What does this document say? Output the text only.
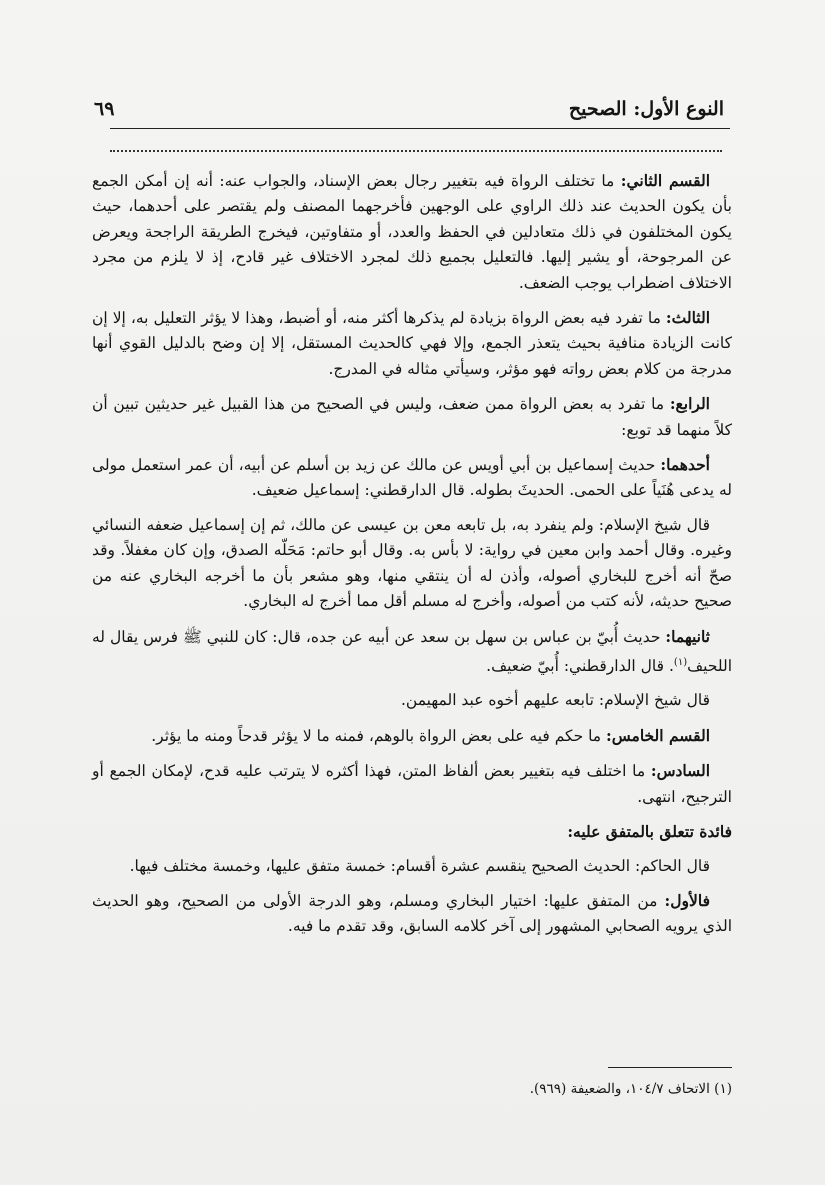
النوع الأول: الصحيح
٦٩

القسم الثاني: ما تختلف الرواة فيه بتغيير رجال بعض الإسناد، والجواب عنه: أنه إن أمكن الجمع بأن يكون الحديث عند ذلك الراوي على الوجهين فأخرجهما المصنف ولم يقتصر على أحدهما، حيث يكون المختلفون في ذلك متعادلين في الحفظ والعدد، أو متفاوتين، فيخرج الطريقة الراجحة ويعرض عن المرجوحة، أو يشير إليها. فالتعليل بجميع ذلك لمجرد الاختلاف غير قادح، إذ لا يلزم من مجرد الاختلاف اضطراب يوجب الضعف.

الثالث: ما تفرد فيه بعض الرواة بزيادة لم يذكرها أكثر منه، أو أضبط، وهذا لا يؤثر التعليل به، إلا إن كانت الزيادة منافية بحيث يتعذر الجمع، وإلا فهي كالحديث المستقل، إلا إن وضح بالدليل القوي أنها مدرجة من كلام بعض رواته فهو مؤثر، وسيأتي مثاله في المدرج.

الرابع: ما تفرد به بعض الرواة ممن ضعف، وليس في الصحيح من هذا القبيل غير حديثين تبين أن كلاً منهما قد توبع:

أحدهما: حديث إسماعيل بن أبي أويس عن مالك عن زيد بن أسلم عن أبيه، أن عمر استعمل مولى له يدعى هُنَياً على الحمى. الحديثَ بطوله. قال الدارقطني: إسماعيل ضعيف.

قال شيخ الإسلام: ولم ينفرد به، بل تابعه معن بن عيسى عن مالك، ثم إن إسماعيل ضعفه النسائي وغيره. وقال أحمد وابن معين في رواية: لا بأس به. وقال أبو حاتم: مَحَلّه الصدق، وإن كان مغفلاً. وقد صحّ أنه أخرج للبخاري أصوله، وأذن له أن ينتقي منها، وهو مشعر بأن ما أخرجه البخاري عنه من صحيح حديثه، لأنه كتب من أصوله، وأخرج له مسلم أقل مما أخرج له البخاري.

ثانيهما: حديث أُبيّ بن عباس بن سهل بن سعد عن أبيه عن جده، قال: كان للنبي ﷺ فرس يقال له اللحيف$^{(١)}$. قال الدارقطني: أُبيّ ضعيف.

قال شيخ الإسلام: تابعه عليهم أخوه عبد المهيمن.

القسم الخامس: ما حكم فيه على بعض الرواة بالوهم، فمنه ما لا يؤثر قدحاً ومنه ما يؤثر.

السادس: ما اختلف فيه بتغيير بعض ألفاظ المتن، فهذا أكثره لا يترتب عليه قدح، لإمكان الجمع أو الترجيح، انتهى.

فائدة تتعلق بالمتفق عليه:

قال الحاكم: الحديث الصحيح ينقسم عشرة أقسام: خمسة متفق عليها، وخمسة مختلف فيها.

فالأول: من المتفق عليها: اختيار البخاري ومسلم، وهو الدرجة الأولى من الصحيح، وهو الحديث الذي يرويه الصحابي المشهور إلى آخر كلامه السابق، وقد تقدم ما فيه.

(١) الاتحاف ١٠٤/٧، والضعيفة (٩٦٩).
